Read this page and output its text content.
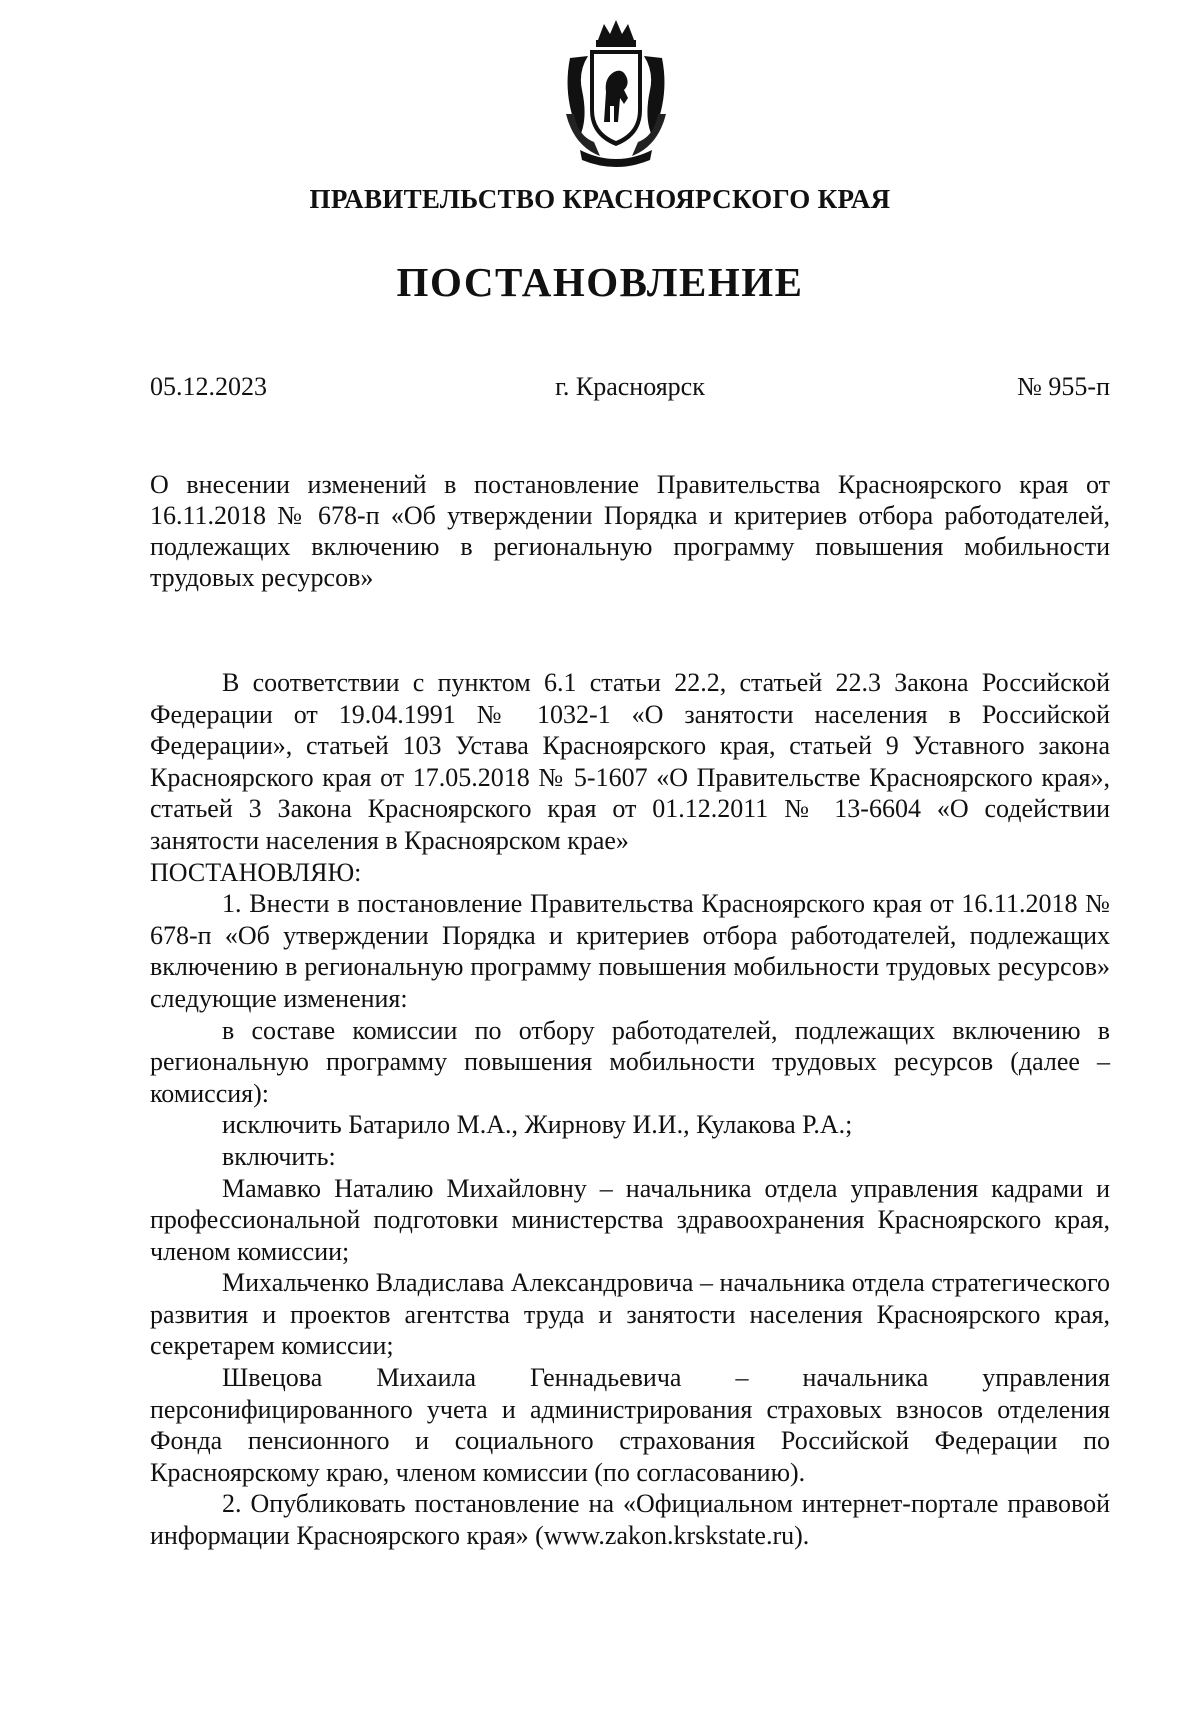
ПРАВИТЕЛЬСТВО КРАСНОЯРСКОГО КРАЯ
ПОСТАНОВЛЕНИЕ
05.12.2023	г. Красноярск	№ 955-п
О внесении изменений в постановление Правительства Красноярского края от 16.11.2018 № 678-п «Об утверждении Порядка и критериев отбора работодателей, подлежащих включению в региональную программу повышения мобильности трудовых ресурсов»

В соответствии с пунктом 6.1 статьи 22.2, статьей 22.3 Закона Российской Федерации от 19.04.1991 № 1032-1 «О занятости населения в Российской Федерации», статьей 103 Устава Красноярского края, статьей 9 Уставного закона Красноярского края от 17.05.2018 № 5-1607 «О Правительстве Красноярского края», статьей 3 Закона Красноярского края от 01.12.2011 № 13-6604 «О содействии занятости населения в Красноярском крае»

ПОСТАНОВЛЯЮ:

1. Внести в постановление Правительства Красноярского края от 16.11.2018 № 678-п «Об утверждении Порядка и критериев отбора работодателей, подлежащих включению в региональную программу повышения мобильности трудовых ресурсов» следующие изменения:

в составе комиссии по отбору работодателей, подлежащих включению в региональную программу повышения мобильности трудовых ресурсов (далее – комиссия):

исключить Батарило М.А., Жирнову И.И., Кулакова Р.А.;

включить:

Мамавко Наталию Михайловну – начальника отдела управления кадрами и профессиональной подготовки министерства здравоохранения Красноярского края, членом комиссии;

Михальченко Владислава Александровича – начальника отдела стратегического развития и проектов агентства труда и занятости населения Красноярского края, секретарем комиссии;

Швецова Михаила Геннадьевича – начальника управления персонифицированного учета и администрирования страховых взносов отделения Фонда пенсионного и социального страхования Российской Федерации по Красноярскому краю, членом комиссии (по согласованию).

2. Опубликовать постановление на «Официальном интернет-портале правовой информации Красноярского края» (www.zakon.krskstate.ru).
